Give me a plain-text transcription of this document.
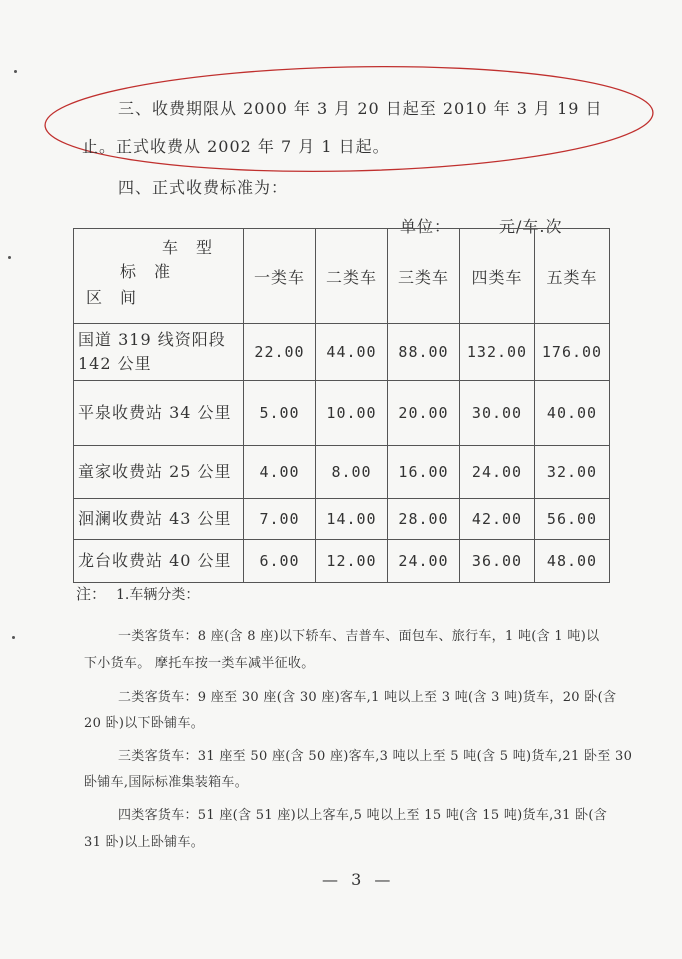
三、收费期限从 2000 年 3 月 20 日起至 2010 年 3 月 19 日
止。正式收费从 2002 年 7 月 1 日起。
四、正式收费标准为：
单位：	元/车.次
车型
标准
区间	一类车	二类车	三类车	四类车	五类车
国道 319 线资阳段 142 公里	22.00	44.00	88.00	132.00	176.00
平泉收费站 34 公里	5.00	10.00	20.00	30.00	40.00
童家收费站 25 公里	4.00	8.00	16.00	24.00	32.00
洄澜收费站 43 公里	7.00	14.00	28.00	42.00	56.00
龙台收费站 40 公里	6.00	12.00	24.00	36.00	48.00
注： 1.车辆分类：
一类客货车：8 座(含 8 座)以下轿车、吉普车、面包车、旅行车，1 吨(含 1 吨)以
下小货车。 摩托车按一类车减半征收。
二类客货车：9 座至 30 座(含 30 座)客车,1 吨以上至 3 吨(含 3 吨)货车，20 卧(含
20 卧)以下卧铺车。
三类客货车：31 座至 50 座(含 50 座)客车,3 吨以上至 5 吨(含 5 吨)货车,21 卧至 30
卧铺车,国际标准集装箱车。
四类客货车：51 座(含 51 座)以上客车,5 吨以上至 15 吨(含 15 吨)货车,31 卧(含
31 卧)以上卧铺车。
— 3 —
